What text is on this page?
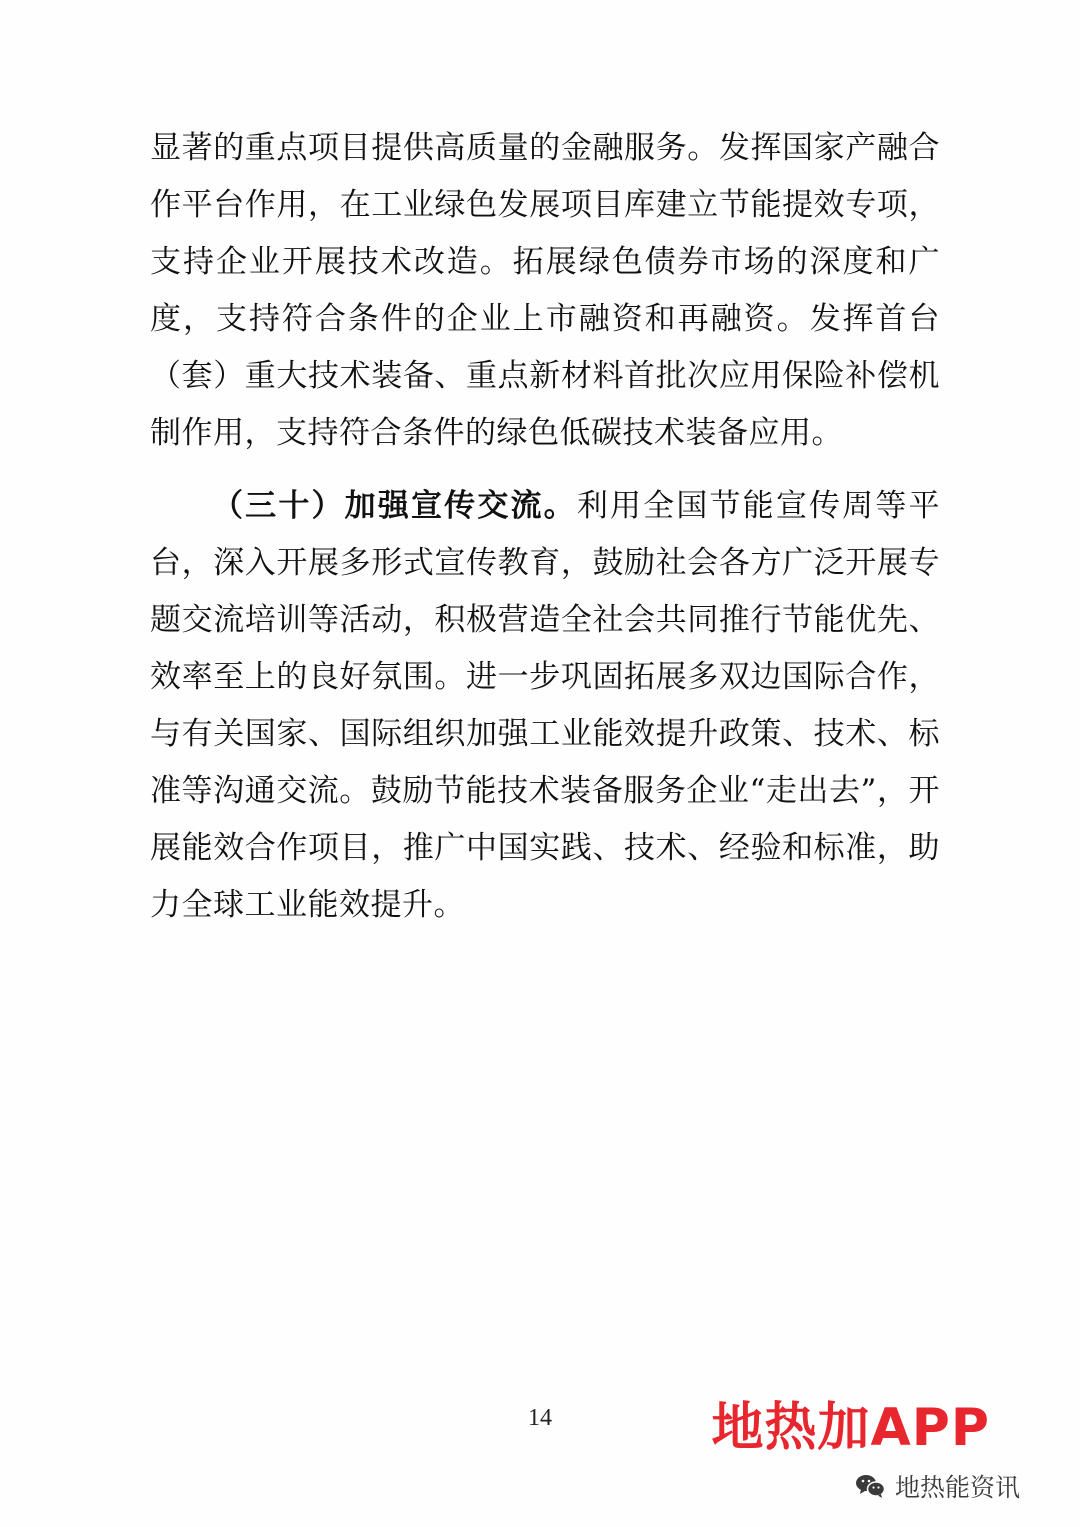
显著的重点项目提供高质量的金融服务。发挥国家产融合作平台作用，在工业绿色发展项目库建立节能提效专项，支持企业开展技术改造。拓展绿色债券市场的深度和广度，支持符合条件的企业上市融资和再融资。发挥首台（套）重大技术装备、重点新材料首批次应用保险补偿机制作用，支持符合条件的绿色低碳技术装备应用。

（三十）加强宣传交流。利用全国节能宣传周等平台，深入开展多形式宣传教育，鼓励社会各方广泛开展专题交流培训等活动，积极营造全社会共同推行节能优先、效率至上的良好氛围。进一步巩固拓展多双边国际合作，与有关国家、国际组织加强工业能效提升政策、技术、标准等沟通交流。鼓励节能技术装备服务企业“走出去”，开展能效合作项目，推广中国实践、技术、经验和标准，助力全球工业能效提升。

14	地热加APP
地热能资讯
